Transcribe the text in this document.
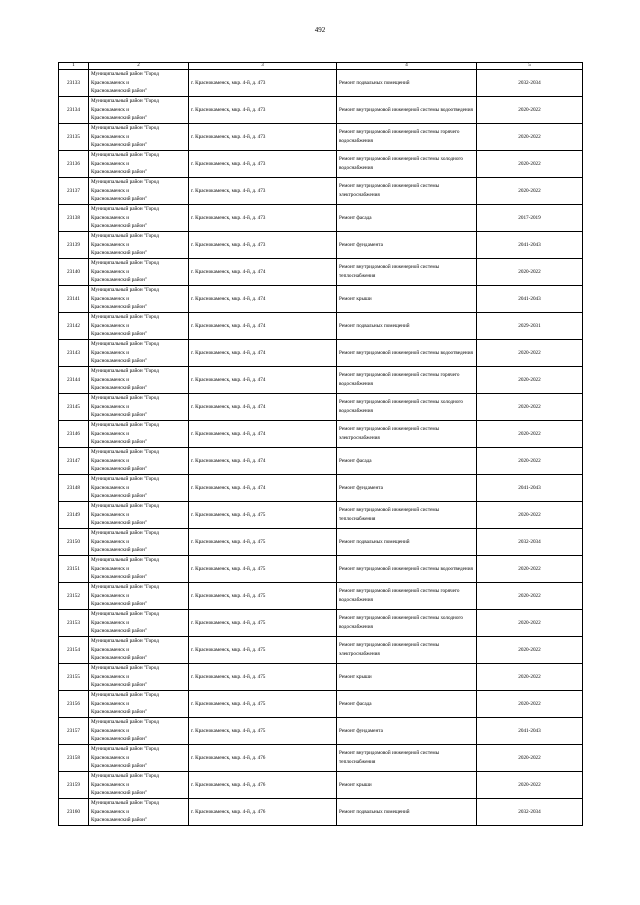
492
1	2	3	4	5
23133	Муниципальный район "Город
Краснокаменск и
Краснокаменский район"	г. Краснокаменск, мкр. 4-й, д. 473	Ремонт подвальных помещений	2032-2034
23134	Муниципальный район "Город
Краснокаменск и
Краснокаменский район"	г. Краснокаменск, мкр. 4-й, д. 473	Ремонт внутридомовой инженерной системы водоотведения	2020-2022
23135	Муниципальный район "Город
Краснокаменск и
Краснокаменский район"	г. Краснокаменск, мкр. 4-й, д. 473	Ремонт внутридомовой инженерной системы горячего водоснабжения	2020-2022
23136	Муниципальный район "Город
Краснокаменск и
Краснокаменский район"	г. Краснокаменск, мкр. 4-й, д. 473	Ремонт внутридомовой инженерной системы холодного водоснабжения	2020-2022
23137	Муниципальный район "Город
Краснокаменск и
Краснокаменский район"	г. Краснокаменск, мкр. 4-й, д. 473	Ремонт внутридомовой инженерной системы электроснабжения	2020-2022
23138	Муниципальный район "Город
Краснокаменск и
Краснокаменский район"	г. Краснокаменск, мкр. 4-й, д. 473	Ремонт фасада	2017-2019
23139	Муниципальный район "Город
Краснокаменск и
Краснокаменский район"	г. Краснокаменск, мкр. 4-й, д. 473	Ремонт фундамента	2041-2043
23140	Муниципальный район "Город
Краснокаменск и
Краснокаменский район"	г. Краснокаменск, мкр. 4-й, д. 474	Ремонт внутридомовой инженерной системы теплоснабжения	2020-2022
23141	Муниципальный район "Город
Краснокаменск и
Краснокаменский район"	г. Краснокаменск, мкр. 4-й, д. 474	Ремонт крыши	2041-2043
23142	Муниципальный район "Город
Краснокаменск и
Краснокаменский район"	г. Краснокаменск, мкр. 4-й, д. 474	Ремонт подвальных помещений	2029-2031
23143	Муниципальный район "Город
Краснокаменск и
Краснокаменский район"	г. Краснокаменск, мкр. 4-й, д. 474	Ремонт внутридомовой инженерной системы водоотведения	2020-2022
23144	Муниципальный район "Город
Краснокаменск и
Краснокаменский район"	г. Краснокаменск, мкр. 4-й, д. 474	Ремонт внутридомовой инженерной системы горячего водоснабжения	2020-2022
23145	Муниципальный район "Город
Краснокаменск и
Краснокаменский район"	г. Краснокаменск, мкр. 4-й, д. 474	Ремонт внутридомовой инженерной системы холодного водоснабжения	2020-2022
23146	Муниципальный район "Город
Краснокаменск и
Краснокаменский район"	г. Краснокаменск, мкр. 4-й, д. 474	Ремонт внутридомовой инженерной системы электроснабжения	2020-2022
23147	Муниципальный район "Город
Краснокаменск и
Краснокаменский район"	г. Краснокаменск, мкр. 4-й, д. 474	Ремонт фасада	2020-2022
23148	Муниципальный район "Город
Краснокаменск и
Краснокаменский район"	г. Краснокаменск, мкр. 4-й, д. 474	Ремонт фундамента	2041-2043
23149	Муниципальный район "Город
Краснокаменск и
Краснокаменский район"	г. Краснокаменск, мкр. 4-й, д. 475	Ремонт внутридомовой инженерной системы теплоснабжения	2020-2022
23150	Муниципальный район "Город
Краснокаменск и
Краснокаменский район"	г. Краснокаменск, мкр. 4-й, д. 475	Ремонт подвальных помещений	2032-2034
23151	Муниципальный район "Город
Краснокаменск и
Краснокаменский район"	г. Краснокаменск, мкр. 4-й, д. 475	Ремонт внутридомовой инженерной системы водоотведения	2020-2022
23152	Муниципальный район "Город
Краснокаменск и
Краснокаменский район"	г. Краснокаменск, мкр. 4-й, д. 475	Ремонт внутридомовой инженерной системы горячего водоснабжения	2020-2022
23153	Муниципальный район "Город
Краснокаменск и
Краснокаменский район"	г. Краснокаменск, мкр. 4-й, д. 475	Ремонт внутридомовой инженерной системы холодного водоснабжения	2020-2022
23154	Муниципальный район "Город
Краснокаменск и
Краснокаменский район"	г. Краснокаменск, мкр. 4-й, д. 475	Ремонт внутридомовой инженерной системы электроснабжения	2020-2022
23155	Муниципальный район "Город
Краснокаменск и
Краснокаменский район"	г. Краснокаменск, мкр. 4-й, д. 475	Ремонт крыши	2020-2022
23156	Муниципальный район "Город
Краснокаменск и
Краснокаменский район"	г. Краснокаменск, мкр. 4-й, д. 475	Ремонт фасада	2020-2022
23157	Муниципальный район "Город
Краснокаменск и
Краснокаменский район"	г. Краснокаменск, мкр. 4-й, д. 475	Ремонт фундамента	2041-2043
23158	Муниципальный район "Город
Краснокаменск и
Краснокаменский район"	г. Краснокаменск, мкр. 4-й, д. 476	Ремонт внутридомовой инженерной системы теплоснабжения	2020-2022
23159	Муниципальный район "Город
Краснокаменск и
Краснокаменский район"	г. Краснокаменск, мкр. 4-й, д. 476	Ремонт крыши	2020-2022
23160	Муниципальный район "Город
Краснокаменск и
Краснокаменский район"	г. Краснокаменск, мкр. 4-й, д. 476	Ремонт подвальных помещений	2032-2034
